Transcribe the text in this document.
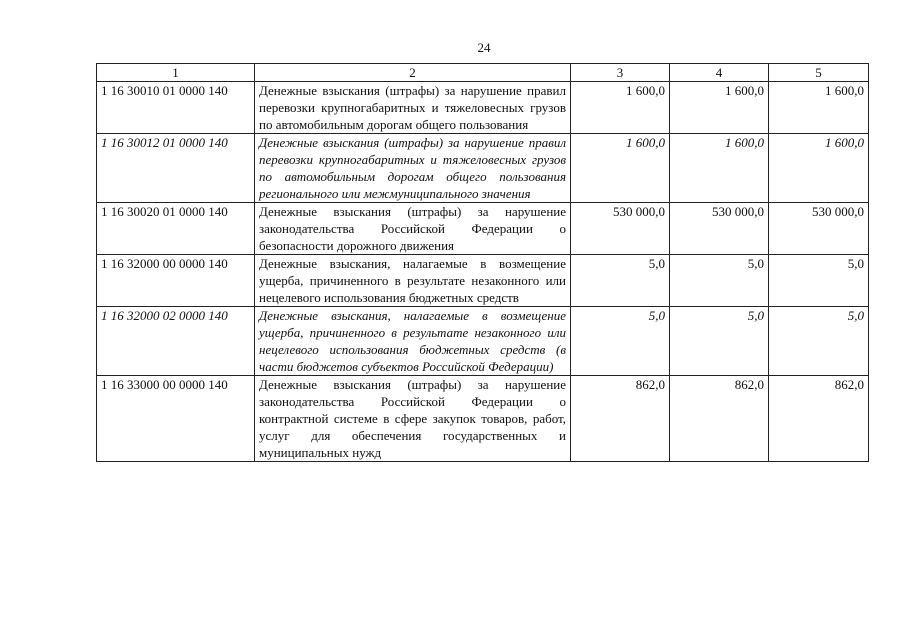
24
1	2	3	4	5
1 16 30010 01 0000 140	Денежные взыскания (штрафы) за нарушение правил перевозки крупногабаритных и тяжеловесных грузов по автомобильным дорогам общего пользования	1 600,0	1 600,0	1 600,0
1 16 30012 01 0000 140	Денежные взыскания (штрафы) за нарушение правил перевозки крупногабаритных и тяжеловесных грузов по автомобильным дорогам общего пользования регионального или межмуниципального значения	1 600,0	1 600,0	1 600,0
1 16 30020 01 0000 140	Денежные взыскания (штрафы) за нарушение законодательства Российской Федерации о безопасности дорожного движения	530 000,0	530 000,0	530 000,0
1 16 32000 00 0000 140	Денежные взыскания, налагаемые в возмещение ущерба, причиненного в результате незаконного или нецелевого использования бюджетных средств	5,0	5,0	5,0
1 16 32000 02 0000 140	Денежные взыскания, налагаемые в возмещение ущерба, причиненного в результате незаконного или нецелевого использования бюджетных средств (в части бюджетов субъектов Российской Федерации)	5,0	5,0	5,0
1 16 33000 00 0000 140	Денежные взыскания (штрафы) за нарушение законодательства Российской Федерации о контрактной системе в сфере закупок товаров, работ, услуг для обеспечения государственных и муниципальных нужд	862,0	862,0	862,0
